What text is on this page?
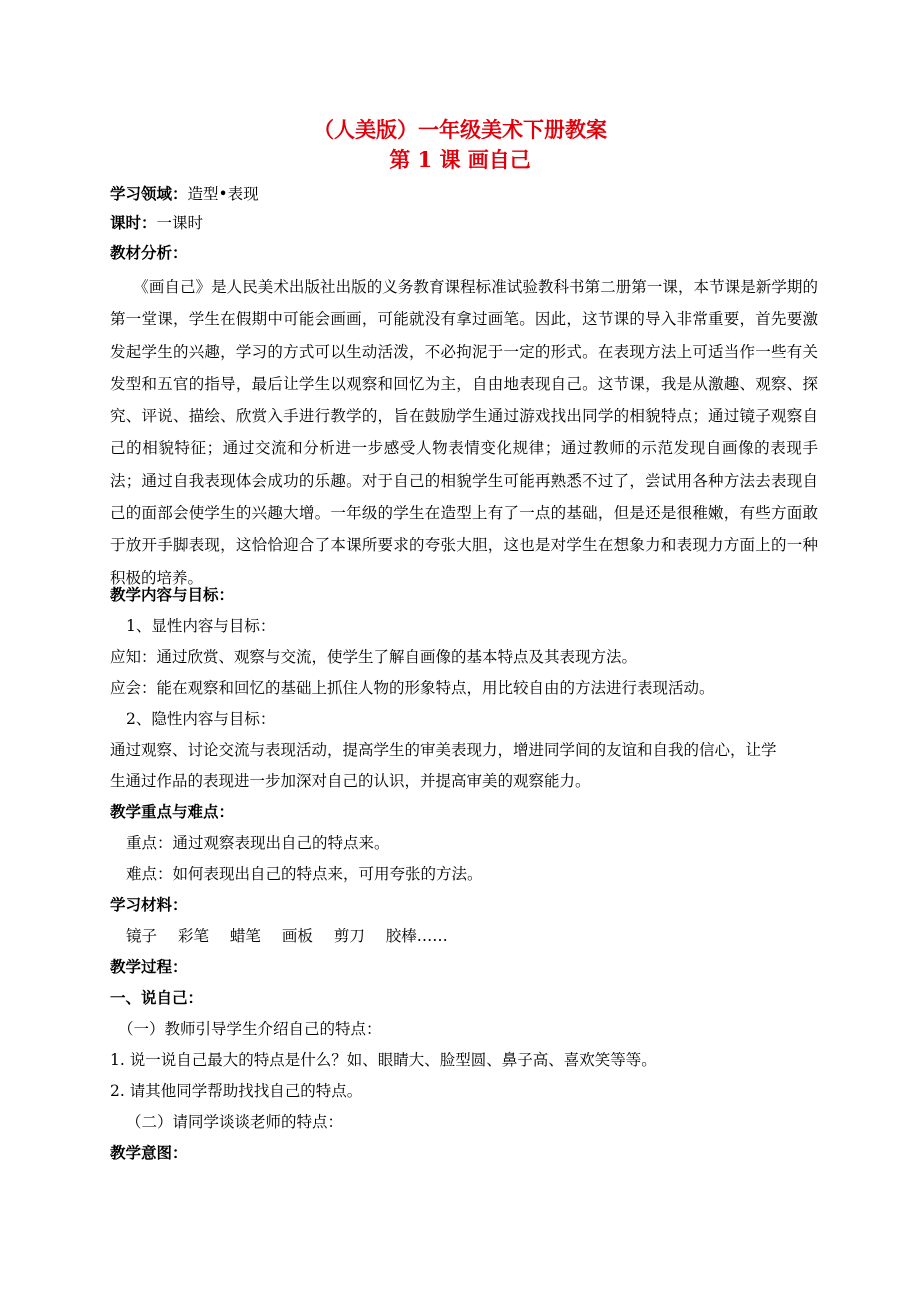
（人美版）一年级美术下册教案
第 1 课 画自己
学习领域：造型•表现
课时：一课时
教材分析：
《画自己》是人民美术出版社出版的义务教育课程标准试验教科书第二册第一课，本节课是新学期的第一堂课，学生在假期中可能会画画，可能就没有拿过画笔。因此，这节课的导入非常重要，首先要激发起学生的兴趣，学习的方式可以生动活泼，不必拘泥于一定的形式。在表现方法上可适当作一些有关发型和五官的指导，最后让学生以观察和回忆为主，自由地表现自己。这节课，我是从激趣、观察、探究、评说、描绘、欣赏入手进行教学的，旨在鼓励学生通过游戏找出同学的相貌特点；通过镜子观察自己的相貌特征；通过交流和分析进一步感受人物表情变化规律；通过教师的示范发现自画像的表现手法；通过自我表现体会成功的乐趣。对于自己的相貌学生可能再熟悉不过了，尝试用各种方法去表现自己的面部会使学生的兴趣大增。一年级的学生在造型上有了一点的基础，但是还是很稚嫩，有些方面敢于放开手脚表现，这恰恰迎合了本课所要求的夸张大胆，这也是对学生在想象力和表现力方面上的一种积极的培养。
教学内容与目标：
1、显性内容与目标：
应知：通过欣赏、观察与交流，使学生了解自画像的基本特点及其表现方法。
应会：能在观察和回忆的基础上抓住人物的形象特点，用比较自由的方法进行表现活动。
2、隐性内容与目标：
通过观察、讨论交流与表现活动，提高学生的审美表现力，增进同学间的友谊和自我的信心，让学
生通过作品的表现进一步加深对自己的认识，并提高审美的观察能力。
教学重点与难点：
重点：通过观察表现出自己的特点来。
难点：如何表现出自己的特点来，可用夸张的方法。
学习材料：
镜子 彩笔 蜡笔 画板 剪刀 胶棒……
教学过程：
一、说自己：
（一）教师引导学生介绍自己的特点：
1. 说一说自己最大的特点是什么？如、眼睛大、脸型圆、鼻子高、喜欢笑等等。
2. 请其他同学帮助找找自己的特点。
（二）请同学谈谈老师的特点：
教学意图：
